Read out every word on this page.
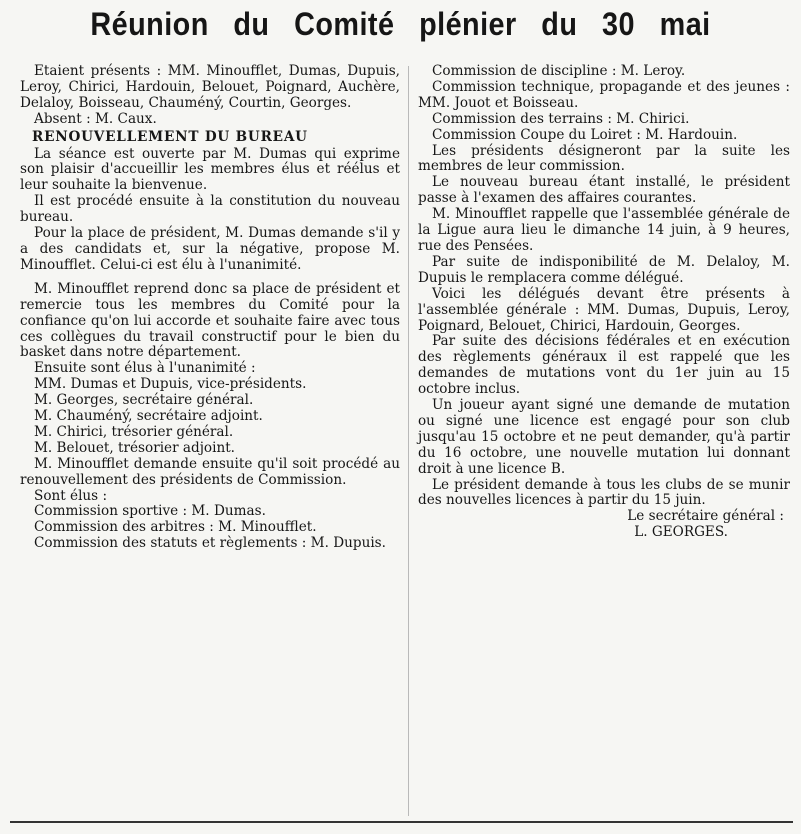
Réunion du Comité plénier du 30 mai

Etaient présents : MM. Minoufflet, Dumas, Dupuis, Leroy, Chirici, Hardouin, Belouet, Poignard, Auchère, Delaloy, Boisseau, Chauméný, Courtin, Georges.

Absent : M. Caux.

RENOUVELLEMENT DU BUREAU

La séance est ouverte par M. Dumas qui exprime son plaisir d'accueillir les membres élus et réélus et leur souhaite la bienvenue.

Il est procédé ensuite à la constitution du nouveau bureau.

Pour la place de président, M. Dumas demande s'il y a des candidats et, sur la négative, propose M. Minoufflet. Celui-ci est élu à l'unanimité.

M. Minoufflet reprend donc sa place de président et remercie tous les membres du Comité pour la confiance qu'on lui accorde et souhaite faire avec tous ces collègues du travail constructif pour le bien du basket dans notre département.

Ensuite sont élus à l'unanimité :

MM. Dumas et Dupuis, vice-présidents.

M. Georges, secrétaire général.

M. Chauméný, secrétaire adjoint.

M. Chirici, trésorier général.

M. Belouet, trésorier adjoint.

M. Minoufflet demande ensuite qu'il soit procédé au renouvellement des présidents de Commission.

Sont élus :

Commission sportive : M. Dumas.

Commission des arbitres : M. Minoufflet.

Commission des statuts et règlements : M. Dupuis.

Commission de discipline : M. Leroy.

Commission technique, propagande et des jeunes : MM. Jouot et Boisseau.

Commission des terrains : M. Chirici.

Commission Coupe du Loiret : M. Hardouin.

Les présidents désigneront par la suite les membres de leur commission.

Le nouveau bureau étant installé, le président passe à l'examen des affaires courantes.

M. Minoufflet rappelle que l'assemblée générale de la Ligue aura lieu le dimanche 14 juin, à 9 heures, rue des Pensées.

Par suite de indisponibilité de M. Delaloy, M. Dupuis le remplacera comme délégué.

Voici les délégués devant être présents à l'assemblée générale : MM. Dumas, Dupuis, Leroy, Poignard, Belouet, Chirici, Hardouin, Georges.

Par suite des décisions fédérales et en exécution des règlements généraux il est rappelé que les demandes de mutations vont du 1er juin au 15 octobre inclus.

Un joueur ayant signé une demande de mutation ou signé une licence est engagé pour son club jusqu'au 15 octobre et ne peut demander, qu'à partir du 16 octobre, une nouvelle mutation lui donnant droit à une licence B.

Le président demande à tous les clubs de se munir des nouvelles licences à partir du 15 juin.

Le secrétaire général :

L. GEORGES.
